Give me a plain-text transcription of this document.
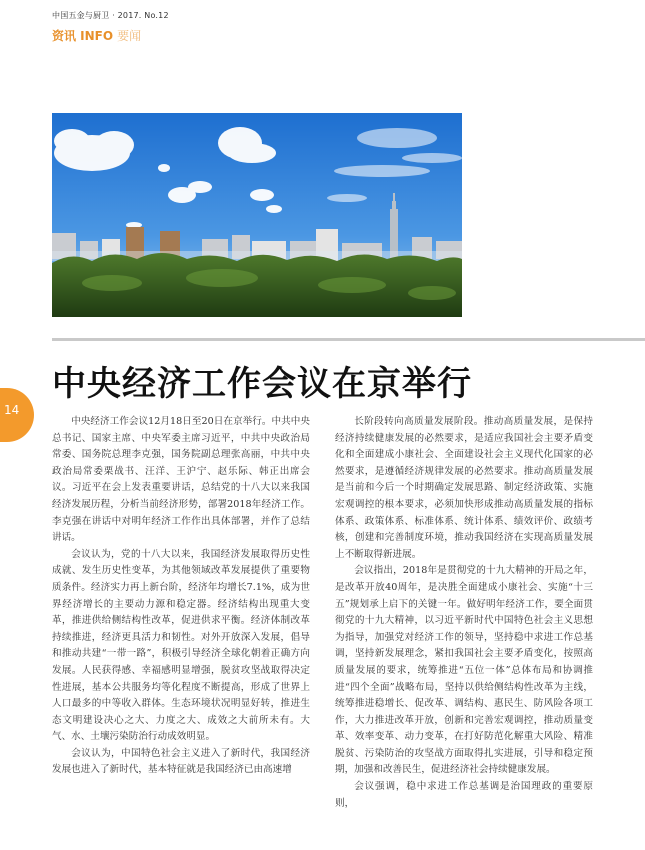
中国五金与厨卫 · 2017. No.12
资讯 INFO 要闻
中央经济工作会议在京举行
14

中央经济工作会议12月18日至20日在京举行。中共中央总书记、国家主席、中央军委主席习近平，中共中央政治局常委、国务院总理李克强，国务院副总理张高丽，中共中央政治局常委栗战书、汪洋、王沪宁、赵乐际、韩正出席会议。习近平在会上发表重要讲话，总结党的十八大以来我国经济发展历程，分析当前经济形势，部署2018年经济工作。李克强在讲话中对明年经济工作作出具体部署，并作了总结讲话。

会议认为，党的十八大以来，我国经济发展取得历史性成就、发生历史性变革，为其他领域改革发展提供了重要物质条件。经济实力再上新台阶，经济年均增长7.1%，成为世界经济增长的主要动力源和稳定器。经济结构出现重大变革，推进供给侧结构性改革，促进供求平衡。经济体制改革持续推进，经济更具活力和韧性。对外开放深入发展，倡导和推动共建“一带一路”，积极引导经济全球化朝着正确方向发展。人民获得感、幸福感明显增强，脱贫攻坚战取得决定性进展，基本公共服务均等化程度不断提高，形成了世界上人口最多的中等收入群体。生态环境状况明显好转，推进生态文明建设决心之大、力度之大、成效之大前所未有。大气、水、土壤污染防治行动成效明显。

会议认为，中国特色社会主义进入了新时代，我国经济发展也进入了新时代，基本特征就是我国经济已由高速增

长阶段转向高质量发展阶段。推动高质量发展，是保持经济持续健康发展的必然要求，是适应我国社会主要矛盾变化和全面建成小康社会、全面建设社会主义现代化国家的必然要求，是遵循经济规律发展的必然要求。推动高质量发展是当前和今后一个时期确定发展思路、制定经济政策、实施宏观调控的根本要求，必须加快形成推动高质量发展的指标体系、政策体系、标准体系、统计体系、绩效评价、政绩考核，创建和完善制度环境，推动我国经济在实现高质量发展上不断取得新进展。

会议指出，2018年是贯彻党的十九大精神的开局之年，是改革开放40周年，是决胜全面建成小康社会、实施“十三五”规划承上启下的关键一年。做好明年经济工作，要全面贯彻党的十九大精神，以习近平新时代中国特色社会主义思想为指导，加强党对经济工作的领导，坚持稳中求进工作总基调，坚持新发展理念，紧扣我国社会主要矛盾变化，按照高质量发展的要求，统筹推进“五位一体”总体布局和协调推进“四个全面”战略布局，坚持以供给侧结构性改革为主线，统筹推进稳增长、促改革、调结构、惠民生、防风险各项工作，大力推进改革开放，创新和完善宏观调控，推动质量变革、效率变革、动力变革，在打好防范化解重大风险、精准脱贫、污染防治的攻坚战方面取得扎实进展，引导和稳定预期，加强和改善民生，促进经济社会持续健康发展。

会议强调，稳中求进工作总基调是治国理政的重要原则，
